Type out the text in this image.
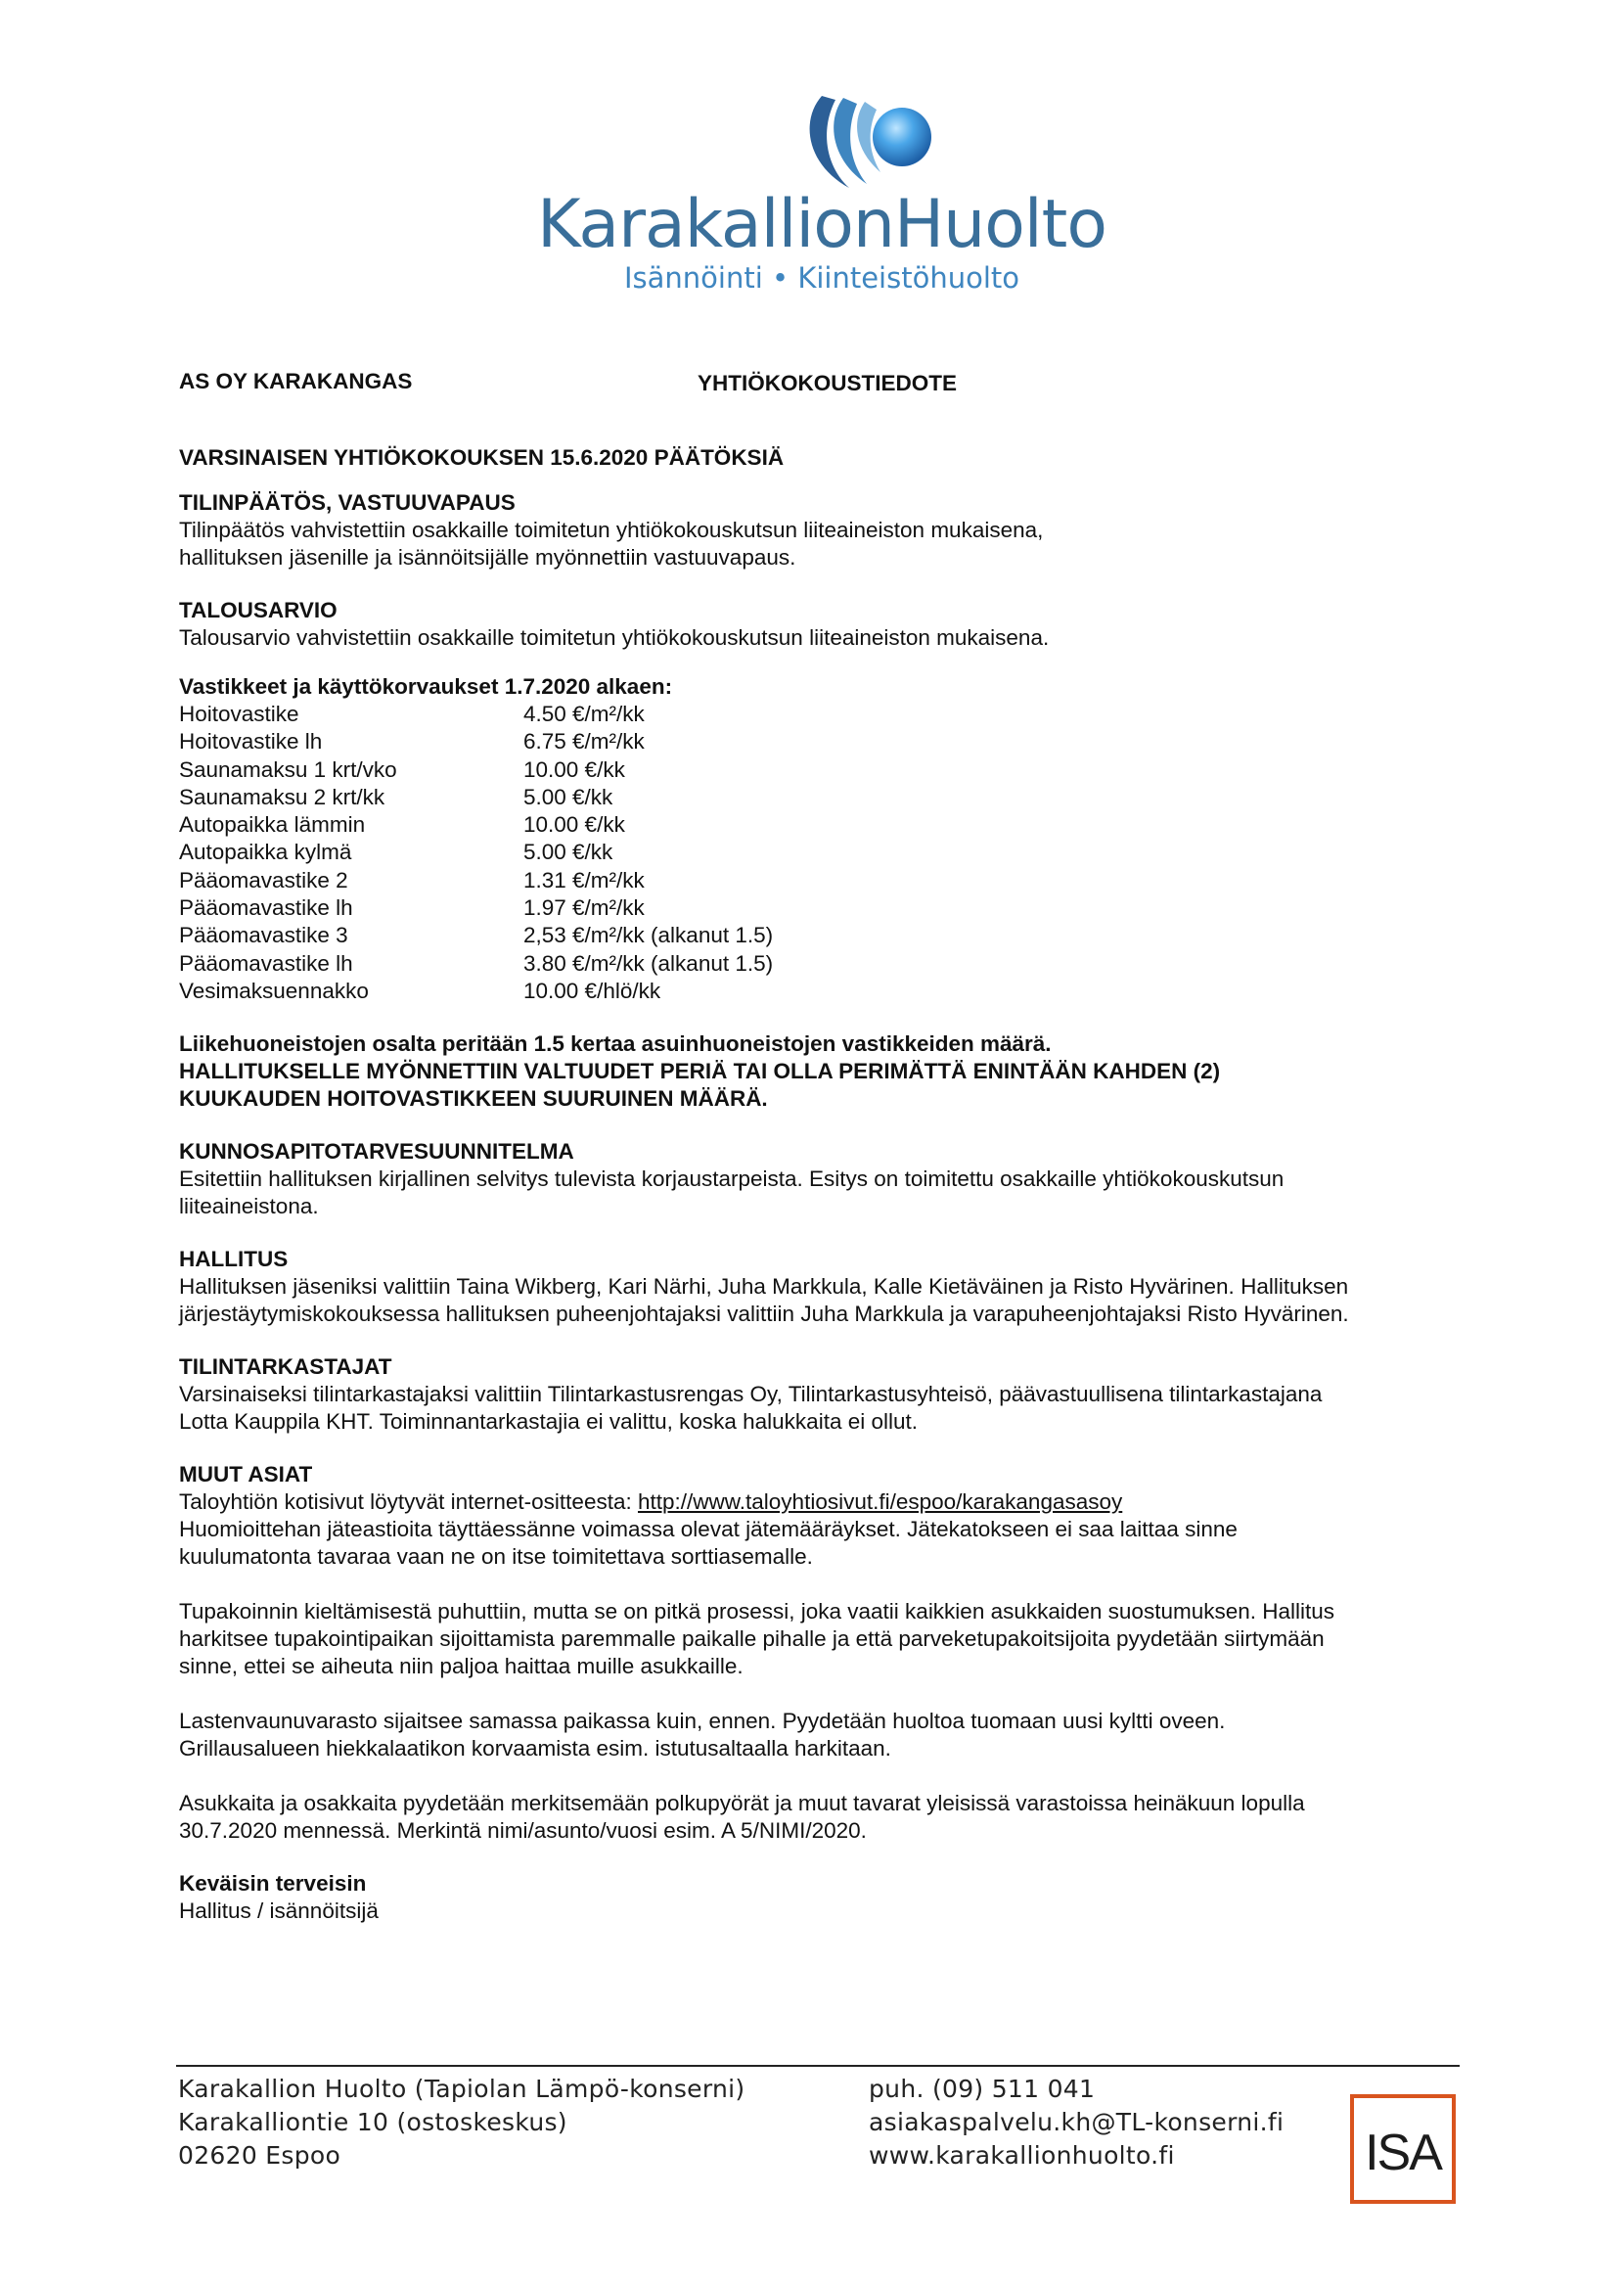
KarakallionHuolto
Isännöinti • Kiinteistöhuolto
AS OY KARAKANGAS	YHTIÖKOKOUSTIEDOTE
VARSINAISEN YHTIÖKOKOUKSEN 15.6.2020 PÄÄTÖKSIÄ
TILINPÄÄTÖS, VASTUUVAPAUS
Tilinpäätös vahvistettiin osakkaille toimitetun yhtiökokouskutsun liiteaineiston mukaisena,
hallituksen jäsenille ja isännöitsijälle myönnettiin vastuuvapaus.
TALOUSARVIO
Talousarvio vahvistettiin osakkaille toimitetun yhtiökokouskutsun liiteaineiston mukaisena.
Vastikkeet ja käyttökorvaukset 1.7.2020 alkaen:
Hoitovastike	4.50 €/m²/kk
Hoitovastike lh	6.75 €/m²/kk
Saunamaksu 1 krt/vko	10.00 €/kk
Saunamaksu 2 krt/kk	5.00 €/kk
Autopaikka lämmin	10.00 €/kk
Autopaikka kylmä	5.00 €/kk
Pääomavastike 2	1.31 €/m²/kk
Pääomavastike lh	1.97 €/m²/kk
Pääomavastike 3	2,53 €/m²/kk (alkanut 1.5)
Pääomavastike lh	3.80 €/m²/kk (alkanut 1.5)
Vesimaksuennakko	10.00 €/hlö/kk
Liikehuoneistojen osalta peritään 1.5 kertaa asuinhuoneistojen vastikkeiden määrä.
HALLITUKSELLE MYÖNNETTIIN VALTUUDET PERIÄ TAI OLLA PERIMÄTTÄ ENINTÄÄN KAHDEN (2)
KUUKAUDEN HOITOVASTIKKEEN SUURUINEN MÄÄRÄ.
KUNNOSAPITOTARVESUUNNITELMA
Esitettiin hallituksen kirjallinen selvitys tulevista korjaustarpeista. Esitys on toimitettu osakkaille yhtiökokouskutsun
liiteaineistona.
HALLITUS
Hallituksen jäseniksi valittiin Taina Wikberg, Kari Närhi, Juha Markkula, Kalle Kietäväinen ja Risto Hyvärinen. Hallituksen
järjestäytymiskokouksessa hallituksen puheenjohtajaksi valittiin Juha Markkula ja varapuheenjohtajaksi Risto Hyvärinen.
TILINTARKASTAJAT
Varsinaiseksi tilintarkastajaksi valittiin Tilintarkastusrengas Oy, Tilintarkastusyhteisö, päävastuullisena tilintarkastajana
Lotta Kauppila KHT. Toiminnantarkastajia ei valittu, koska halukkaita ei ollut.
MUUT ASIAT
Taloyhtiön kotisivut löytyvät internet-ositteesta: http://www.taloyhtiosivut.fi/espoo/karakangasasoy
Huomioittehan jäteastioita täyttäessänne voimassa olevat jätemääräykset. Jätekatokseen ei saa laittaa sinne
kuulumatonta tavaraa vaan ne on itse toimitettava sorttiasemalle.
Tupakoinnin kieltämisestä puhuttiin, mutta se on pitkä prosessi, joka vaatii kaikkien asukkaiden suostumuksen. Hallitus
harkitsee tupakointipaikan sijoittamista paremmalle paikalle pihalle ja että parveketupakoitsijoita pyydetään siirtymään
sinne, ettei se aiheuta niin paljoa haittaa muille asukkaille.
Lastenvaunuvarasto sijaitsee samassa paikassa kuin, ennen. Pyydetään huoltoa tuomaan uusi kyltti oveen.
Grillausalueen hiekkalaatikon korvaamista esim. istutusaltaalla harkitaan.
Asukkaita ja osakkaita pyydetään merkitsemään polkupyörät ja muut tavarat yleisissä varastoissa heinäkuun lopulla
30.7.2020 mennessä. Merkintä nimi/asunto/vuosi esim. A 5/NIMI/2020.
Keväisin terveisin
Hallitus / isännöitsijä
Karakallion Huolto (Tapiolan Lämpö-konserni)
Karakalliontie 10 (ostoskeskus)
02620 Espoo
puh. (09) 511 041
asiakaspalvelu.kh@TL-konserni.fi
www.karakallionhuolto.fi	ISA
